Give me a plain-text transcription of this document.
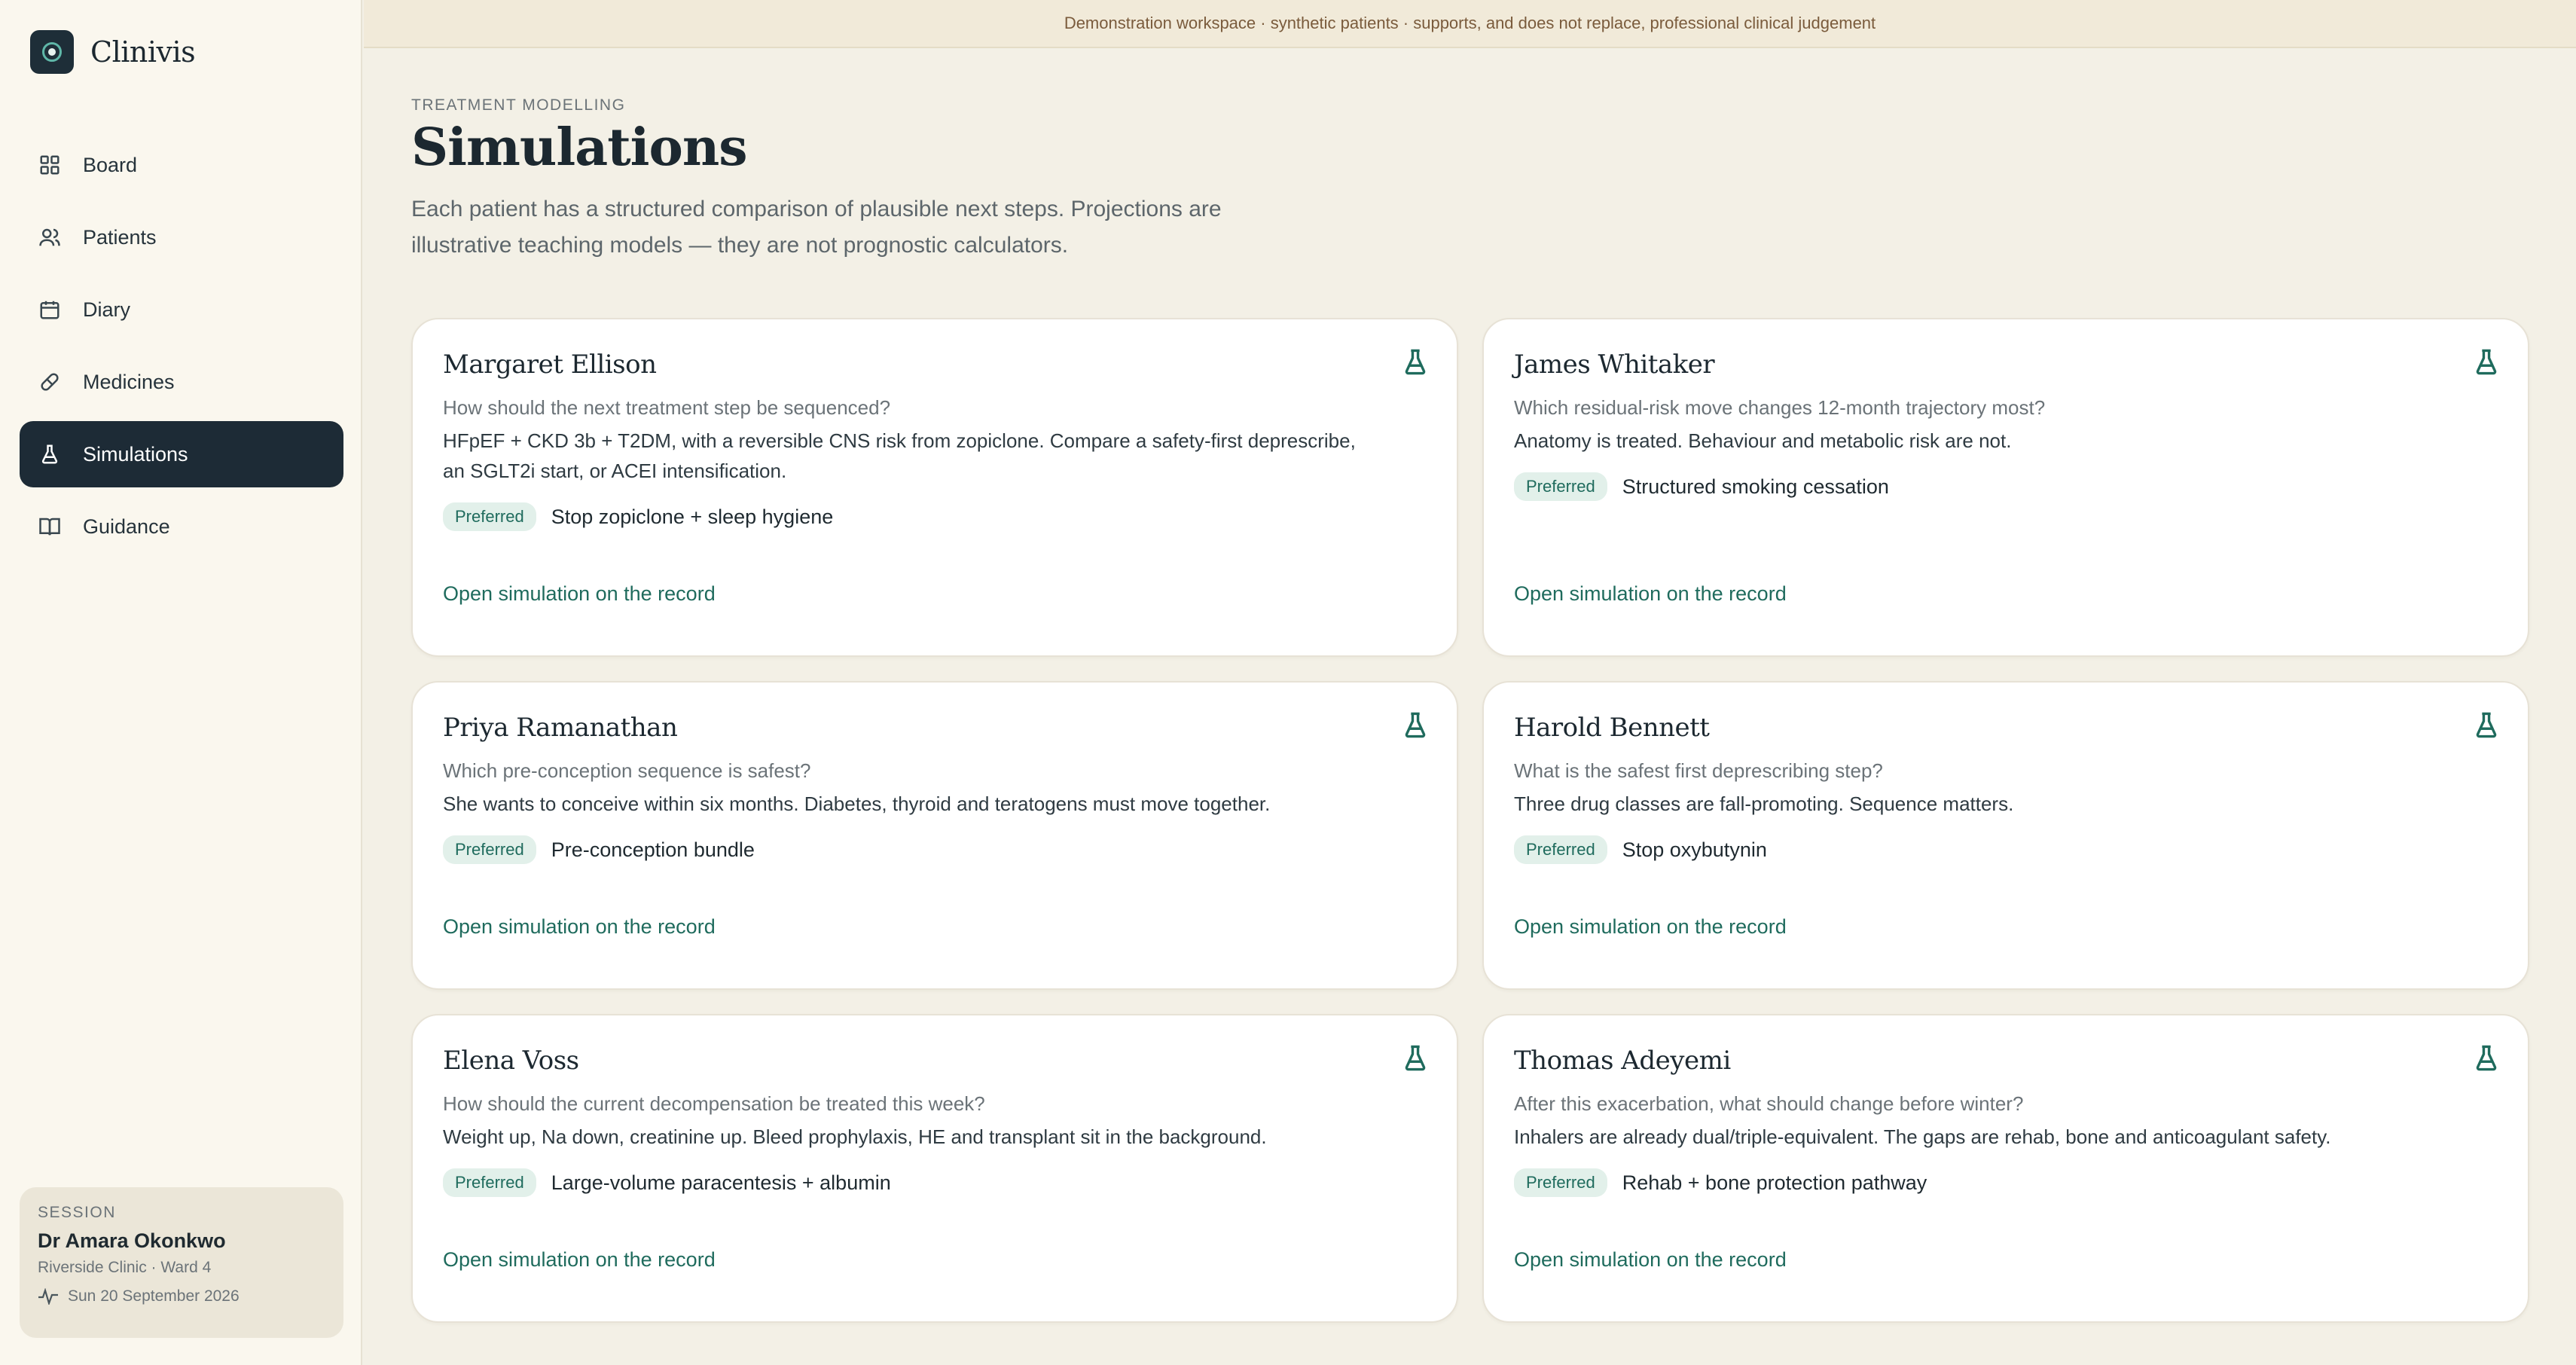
Clinivis
Board
Patients
Diary
Medicines
Simulations
Guidance
SESSION
Dr Amara Okonkwo
Riverside Clinic · Ward 4
Sun 20 September 2026
Demonstration workspace · synthetic patients · supports, and does not replace, professional clinical judgement
TREATMENT MODELLING
Simulations

Each patient has a structured comparison of plausible next steps. Projections are illustrative teaching models — they are not prognostic calculators.

Margaret Ellison
How should the next treatment step be sequenced?
HFpEF + CKD 3b + T2DM, with a reversible CNS risk from zopiclone. Compare a safety-first deprescribe, an SGLT2i start, or ACEI intensification.
Preferred	Stop zopiclone + sleep hygiene
Open simulation on the record
James Whitaker
Which residual-risk move changes 12-month trajectory most?
Anatomy is treated. Behaviour and metabolic risk are not.
Preferred	Structured smoking cessation
Open simulation on the record
Priya Ramanathan
Which pre-conception sequence is safest?
She wants to conceive within six months. Diabetes, thyroid and teratogens must move together.
Preferred	Pre-conception bundle
Open simulation on the record
Harold Bennett
What is the safest first deprescribing step?
Three drug classes are fall-promoting. Sequence matters.
Preferred	Stop oxybutynin
Open simulation on the record
Elena Voss
How should the current decompensation be treated this week?
Weight up, Na down, creatinine up. Bleed prophylaxis, HE and transplant sit in the background.
Preferred	Large-volume paracentesis + albumin
Open simulation on the record
Thomas Adeyemi
After this exacerbation, what should change before winter?
Inhalers are already dual/triple-equivalent. The gaps are rehab, bone and anticoagulant safety.
Preferred	Rehab + bone protection pathway
Open simulation on the record
